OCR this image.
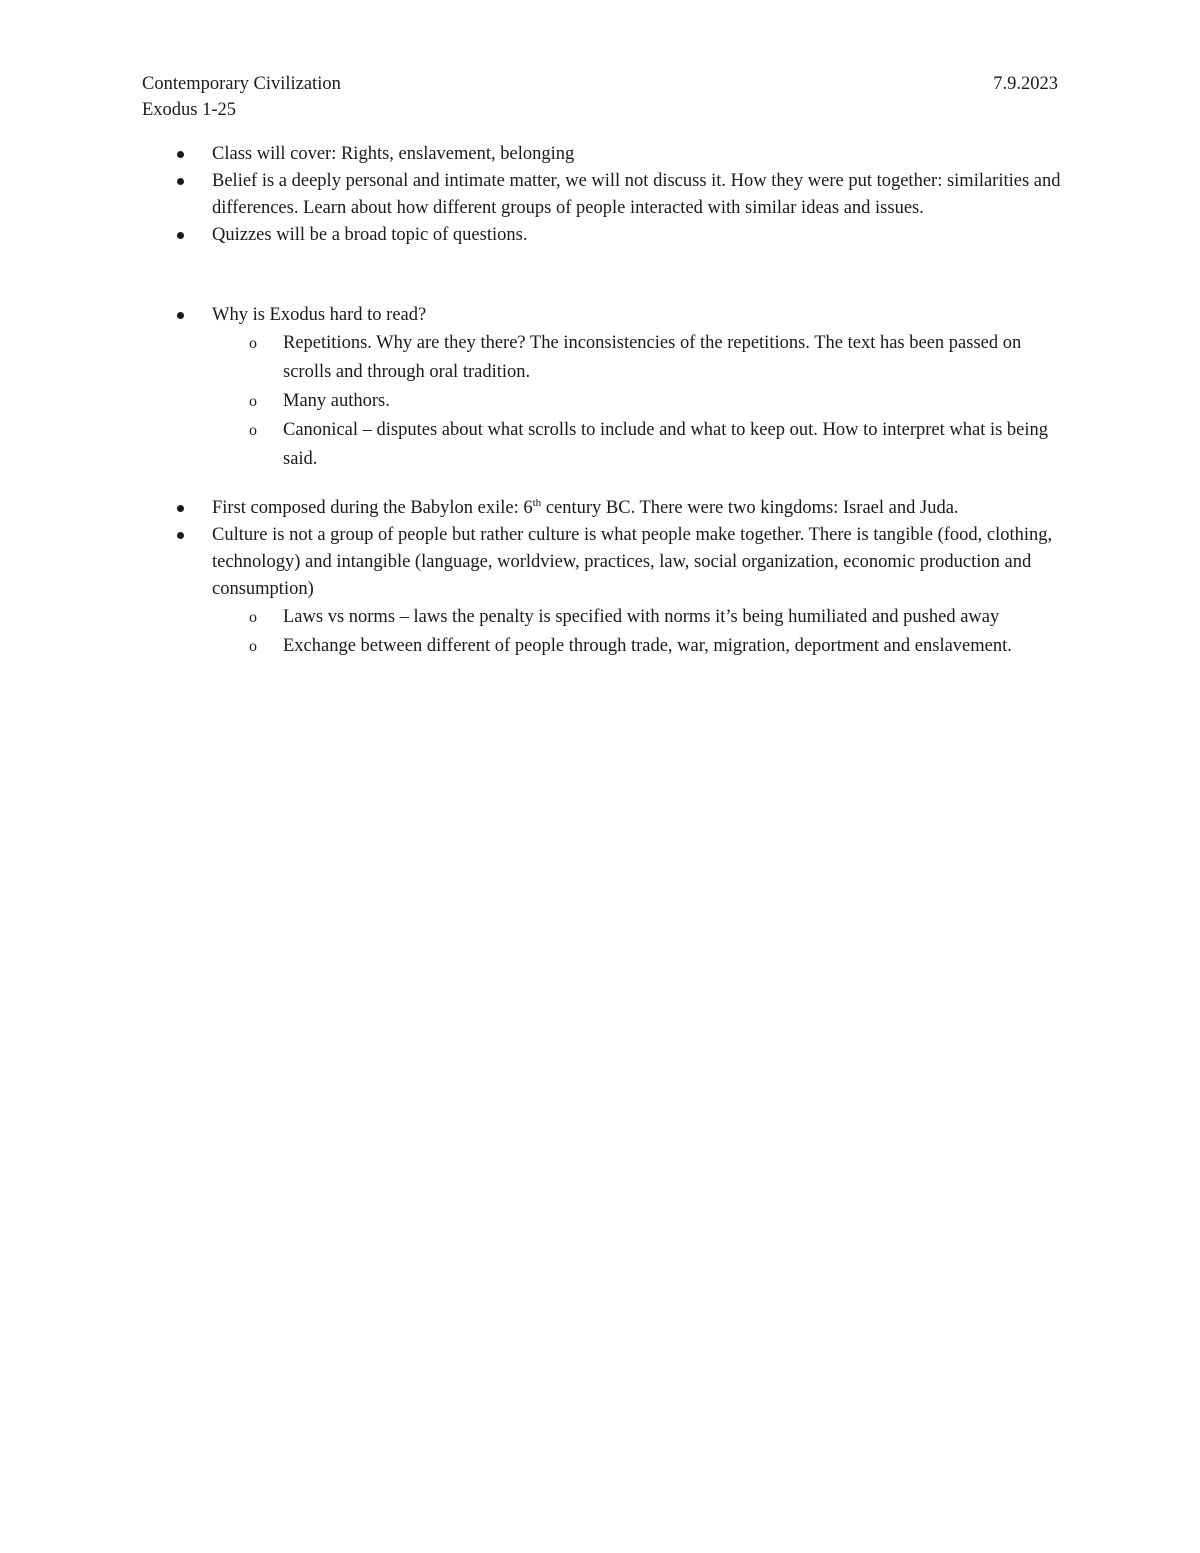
Contemporary Civilization	7.9.2023
Exodus 1-25
Class will cover: Rights, enslavement, belonging
Belief is a deeply personal and intimate matter, we will not discuss it. How they were put together: similarities and differences. Learn about how different groups of people interacted with similar ideas and issues.
Quizzes will be a broad topic of questions.
Why is Exodus hard to read?
o Repetitions. Why are they there? The inconsistencies of the repetitions. The text has been passed on scrolls and through oral tradition.
o Many authors.
o Canonical – disputes about what scrolls to include and what to keep out. How to interpret what is being said.
First composed during the Babylon exile: 6th century BC. There were two kingdoms: Israel and Juda.
Culture is not a group of people but rather culture is what people make together. There is tangible (food, clothing, technology) and intangible (language, worldview, practices, law, social organization, economic production and consumption)
o Laws vs norms – laws the penalty is specified with norms it’s being humiliated and pushed away
o Exchange between different of people through trade, war, migration, deportment and enslavement.
